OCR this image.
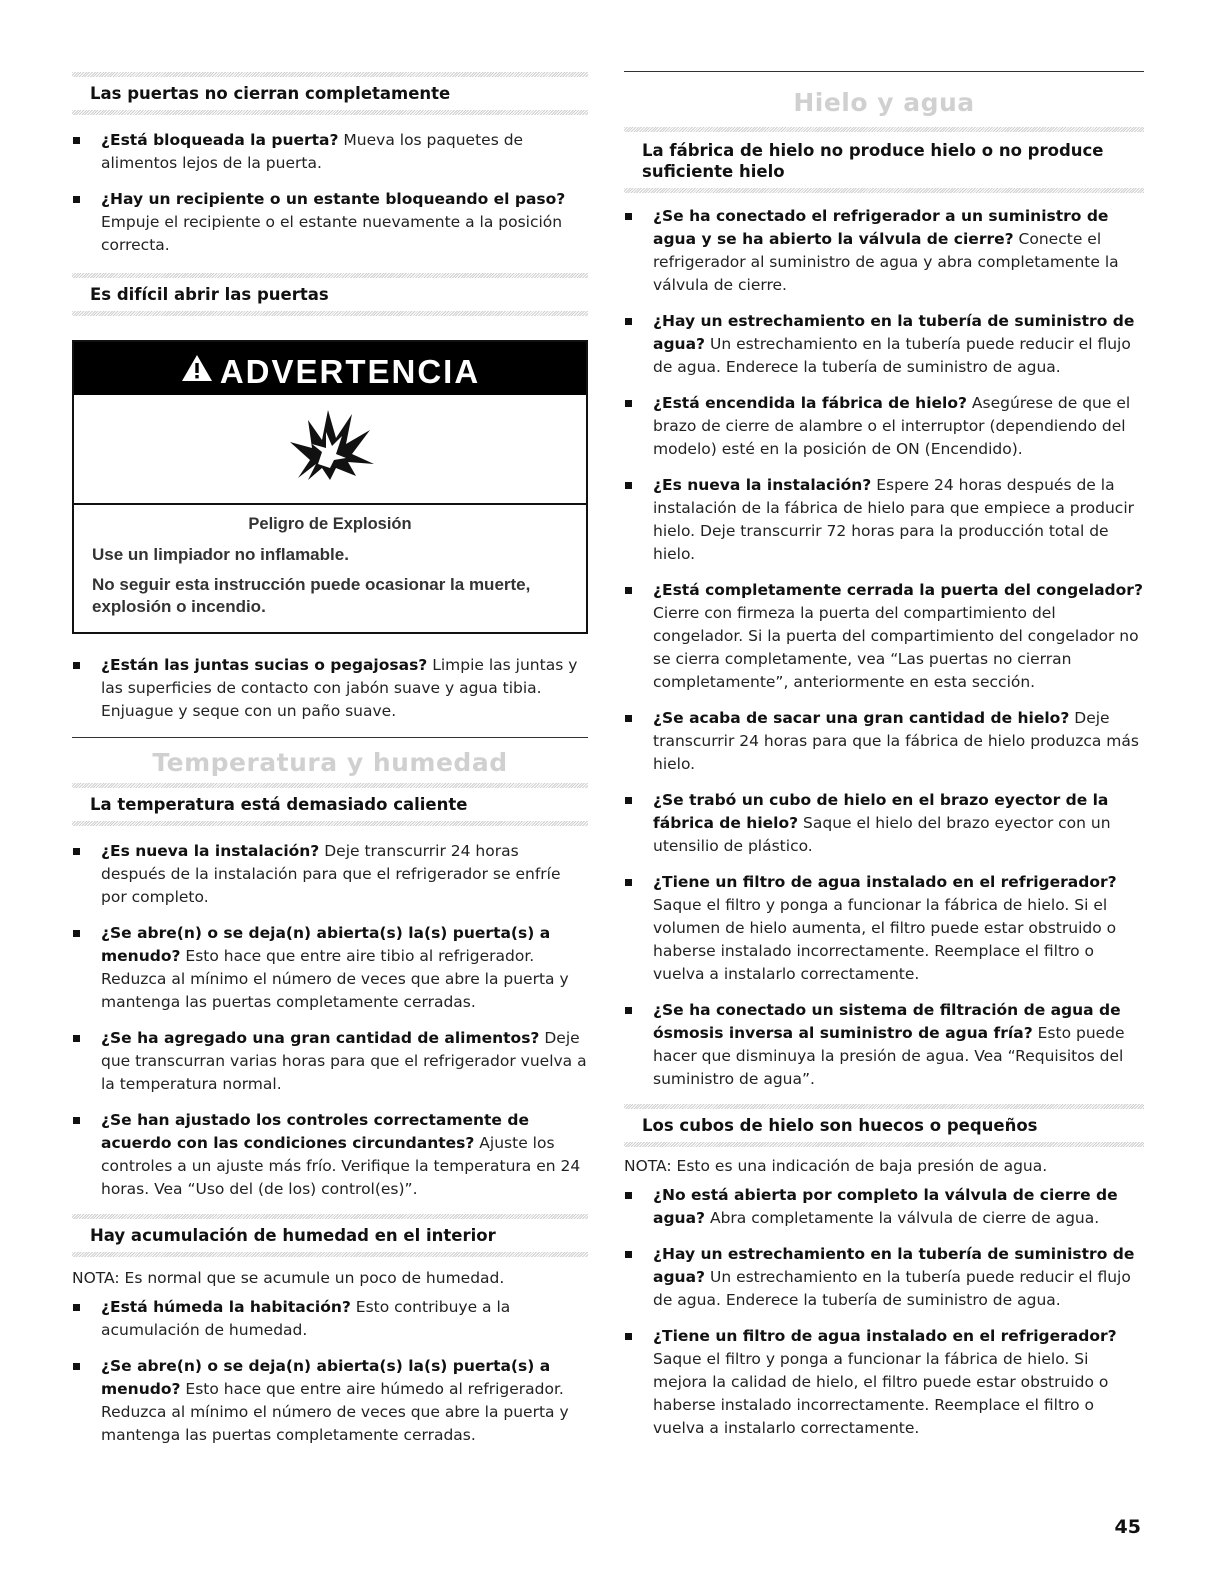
Las puertas no cierran completamente
¿Está bloqueada la puerta? Mueva los paquetes de alimentos lejos de la puerta.
¿Hay un recipiente o un estante bloqueando el paso? Empuje el recipiente o el estante nuevamente a la posición correcta.
Es difícil abrir las puertas
ADVERTENCIA

Peligro de Explosión

Use un limpiador no inflamable.

No seguir esta instrucción puede ocasionar la muerte, explosión o incendio.

¿Están las juntas sucias o pegajosas? Limpie las juntas y las superficies de contacto con jabón suave y agua tibia. Enjuague y seque con un paño suave.
Temperatura y humedad
La temperatura está demasiado caliente
¿Es nueva la instalación? Deje transcurrir 24 horas después de la instalación para que el refrigerador se enfríe por completo.
¿Se abre(n) o se deja(n) abierta(s) la(s) puerta(s) a menudo? Esto hace que entre aire tibio al refrigerador. Reduzca al mínimo el número de veces que abre la puerta y mantenga las puertas completamente cerradas.
¿Se ha agregado una gran cantidad de alimentos? Deje que transcurran varias horas para que el refrigerador vuelva a la temperatura normal.
¿Se han ajustado los controles correctamente de acuerdo con las condiciones circundantes? Ajuste los controles a un ajuste más frío. Verifique la temperatura en 24 horas. Vea “Uso del (de los) control(es)”.
Hay acumulación de humedad en el interior

NOTA: Es normal que se acumule un poco de humedad.

¿Está húmeda la habitación? Esto contribuye a la acumulación de humedad.
¿Se abre(n) o se deja(n) abierta(s) la(s) puerta(s) a menudo? Esto hace que entre aire húmedo al refrigerador. Reduzca al mínimo el número de veces que abre la puerta y mantenga las puertas completamente cerradas.
Hielo y agua
La fábrica de hielo no produce hielo o no produce suficiente hielo
¿Se ha conectado el refrigerador a un suministro de agua y se ha abierto la válvula de cierre? Conecte el refrigerador al suministro de agua y abra completamente la válvula de cierre.
¿Hay un estrechamiento en la tubería de suministro de agua? Un estrechamiento en la tubería puede reducir el flujo de agua. Enderece la tubería de suministro de agua.
¿Está encendida la fábrica de hielo? Asegúrese de que el brazo de cierre de alambre o el interruptor (dependiendo del modelo) esté en la posición de ON (Encendido).
¿Es nueva la instalación? Espere 24 horas después de la instalación de la fábrica de hielo para que empiece a producir hielo. Deje transcurrir 72 horas para la producción total de hielo.
¿Está completamente cerrada la puerta del congelador? Cierre con firmeza la puerta del compartimiento del congelador. Si la puerta del compartimiento del congelador no se cierra completamente, vea “Las puertas no cierran completamente”, anteriormente en esta sección.
¿Se acaba de sacar una gran cantidad de hielo? Deje transcurrir 24 horas para que la fábrica de hielo produzca más hielo.
¿Se trabó un cubo de hielo en el brazo eyector de la fábrica de hielo? Saque el hielo del brazo eyector con un utensilio de plástico.
¿Tiene un filtro de agua instalado en el refrigerador? Saque el filtro y ponga a funcionar la fábrica de hielo. Si el volumen de hielo aumenta, el filtro puede estar obstruido o haberse instalado incorrectamente. Reemplace el filtro o vuelva a instalarlo correctamente.
¿Se ha conectado un sistema de filtración de agua de ósmosis inversa al suministro de agua fría? Esto puede hacer que disminuya la presión de agua. Vea “Requisitos del suministro de agua”.
Los cubos de hielo son huecos o pequeños

NOTA: Esto es una indicación de baja presión de agua.

¿No está abierta por completo la válvula de cierre de agua? Abra completamente la válvula de cierre de agua.
¿Hay un estrechamiento en la tubería de suministro de agua? Un estrechamiento en la tubería puede reducir el flujo de agua. Enderece la tubería de suministro de agua.
¿Tiene un filtro de agua instalado en el refrigerador? Saque el filtro y ponga a funcionar la fábrica de hielo. Si mejora la calidad de hielo, el filtro puede estar obstruido o haberse instalado incorrectamente. Reemplace el filtro o vuelva a instalarlo correctamente.
45
